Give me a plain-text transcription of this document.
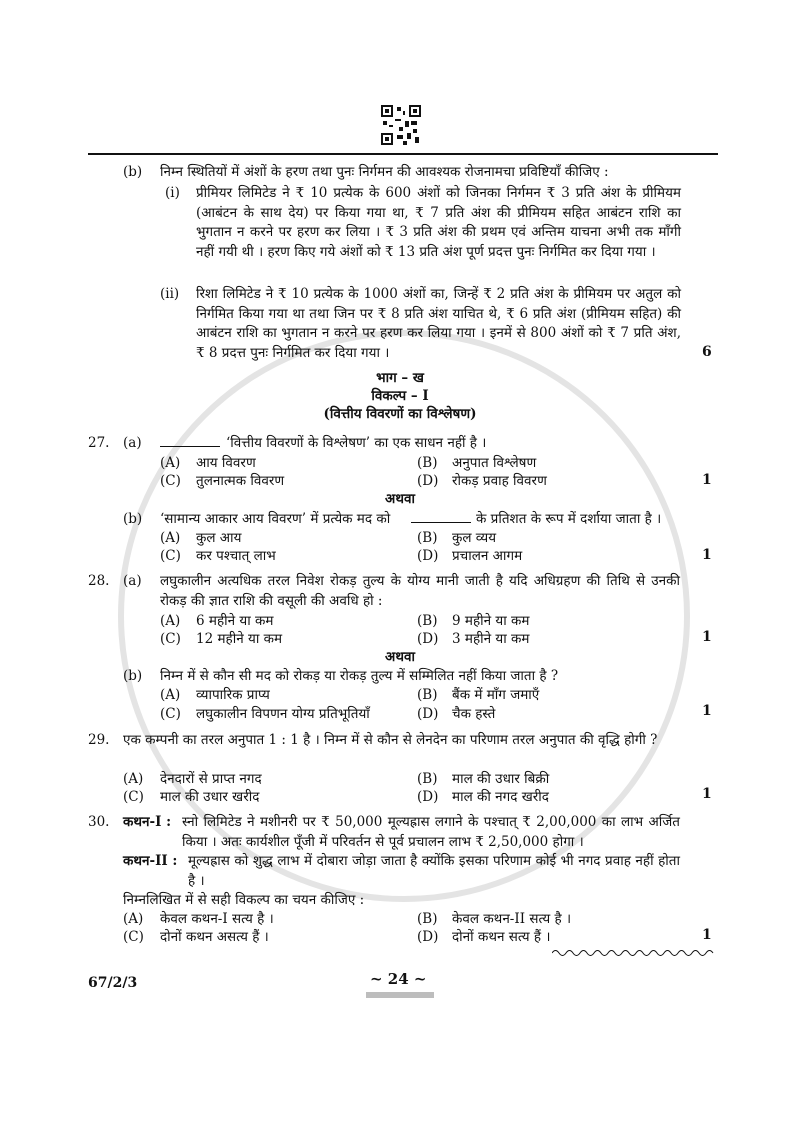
(b) निम्न स्थितियों में अंशों के हरण तथा पुनः निर्गमन की आवश्यक रोजनामचा प्रविष्टियाँ कीजिए :
(i) प्रीमियर लिमिटेड ने ₹ 10 प्रत्येक के 600 अंशों को जिनका निर्गमन ₹ 3 प्रति अंश के प्रीमियम (आबंटन के साथ देय) पर किया गया था, ₹ 7 प्रति अंश की प्रीमियम सहित आबंटन राशि का भुगतान न करने पर हरण कर लिया । ₹ 3 प्रति अंश की प्रथम एवं अन्तिम याचना अभी तक माँगी नहीं गयी थी । हरण किए गये अंशों को ₹ 13 प्रति अंश पूर्ण प्रदत्त पुनः निर्गमित कर दिया गया ।
(ii) रिशा लिमिटेड ने ₹ 10 प्रत्येक के 1000 अंशों का, जिन्हें ₹ 2 प्रति अंश के प्रीमियम पर अतुल को निर्गमित किया गया था तथा जिन पर ₹ 8 प्रति अंश याचित थे, ₹ 6 प्रति अंश (प्रीमियम सहित) की आबंटन राशि का भुगतान न करने पर हरण कर लिया गया । इनमें से 800 अंशों को ₹ 7 प्रति अंश, ₹ 8 प्रदत्त पुनः निर्गमित कर दिया गया ।	6
भाग – ख
विकल्प – I
(वित्तीय विवरणों का विश्लेषण)
27. (a)	‘वित्तीय विवरणों के विश्लेषण’ का एक साधन नहीं है ।
(A) आय विवरण	(B) अनुपात विश्लेषण
(C) तुलनात्मक विवरण	(D) रोकड़ प्रवाह विवरण	1
अथवा
(b) ‘सामान्य आकार आय विवरण’ में प्रत्येक मद को	के प्रतिशत के रूप में दर्शाया जाता है ।
(A) कुल आय	(B) कुल व्यय
(C) कर पश्चात् लाभ	(D) प्रचालन आगम	1
28. (a) लघुकालीन अत्यधिक तरल निवेश रोकड़ तुल्य के योग्य मानी जाती है यदि अधिग्रहण की तिथि से उनकी रोकड़ की ज्ञात राशि की वसूली की अवधि हो :
(A) 6 महीने या कम	(B) 9 महीने या कम
(C) 12 महीने या कम	(D) 3 महीने या कम	1
अथवा
(b) निम्न में से कौन सी मद को रोकड़ या रोकड़ तुल्य में सम्मिलित नहीं किया जाता है ?
(A) व्यापारिक प्राप्य	(B) बैंक में माँग जमाएँ
(C) लघुकालीन विपणन योग्य प्रतिभूतियाँ	(D) चैक हस्ते	1
29. एक कम्पनी का तरल अनुपात 1 : 1 है । निम्न में से कौन से लेनदेन का परिणाम तरल अनुपात की वृद्धि होगी ?
(A) देनदारों से प्राप्त नगद	(B) माल की उधार बिक्री
(C) माल की उधार खरीद	(D) माल की नगद खरीद	1
30. कथन-I : स्नो लिमिटेड ने मशीनरी पर ₹ 50,000 मूल्यह्रास लगाने के पश्चात् ₹ 2,00,000 का लाभ अर्जित किया । अतः कार्यशील पूँजी में परिवर्तन से पूर्व प्रचालन लाभ ₹ 2,50,000 होगा ।
कथन-II : मूल्यह्रास को शुद्ध लाभ में दोबारा जोड़ा जाता है क्योंकि इसका परिणाम कोई भी नगद प्रवाह नहीं होता है ।
निम्नलिखित में से सही विकल्प का चयन कीजिए :
(A) केवल कथन-I सत्य है ।	(B) केवल कथन-II सत्य है ।
(C) दोनों कथन असत्य हैं ।	(D) दोनों कथन सत्य हैं ।	1
67/2/3	~ 24 ~
